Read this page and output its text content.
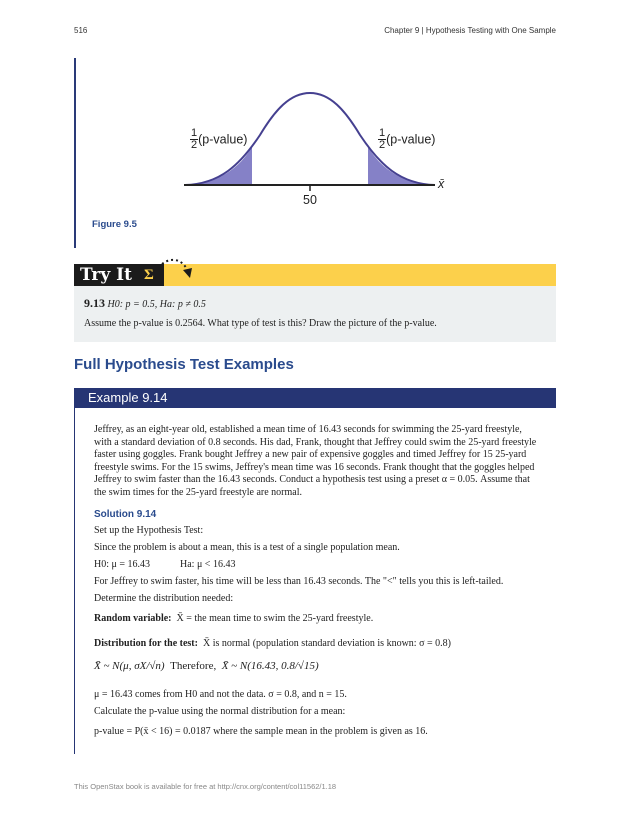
516	Chapter 9 | Hypothesis Testing with One Sample
$\frac{1}{2}$ (p-value)	$\frac{1}{2}$ (p-value)
x̄
50
Figure 9.5
Try It Σ
9.13 H0: p = 0.5, Ha: p ≠ 0.5
Assume the p-value is 0.2564. What type of test is this? Draw the picture of the p-value.
Full Hypothesis Test Examples
Example 9.14
Jeffrey, as an eight-year old, established a mean time of 16.43 seconds for swimming the 25-yard freestyle, with a standard deviation of 0.8 seconds. His dad, Frank, thought that Jeffrey could swim the 25-yard freestyle faster using goggles. Frank bought Jeffrey a new pair of expensive goggles and timed Jeffrey for 15 25-yard freestyle swims. For the 15 swims, Jeffrey's mean time was 16 seconds. Frank thought that the goggles helped Jeffrey to swim faster than the 16.43 seconds. Conduct a hypothesis test using a preset α = 0.05. Assume that the swim times for the 25-yard freestyle are normal.
Solution 9.14
Set up the Hypothesis Test:
Since the problem is about a mean, this is a test of a single population mean.
H0: μ = 16.43	Ha: μ < 16.43
For Jeffrey to swim faster, his time will be less than 16.43 seconds. The "<" tells you this is left-tailed.
Determine the distribution needed:
Random variable: X̄ = the mean time to swim the 25-yard freestyle.
Distribution for the test: X̄ is normal (population standard deviation is known: σ = 0.8)
X̄ ~ N(μ, σX/√n) Therefore, X̄ ~ N(16.43, 0.8/√15)
μ = 16.43 comes from H0 and not the data. σ = 0.8, and n = 15.
Calculate the p-value using the normal distribution for a mean:
p-value = P(x̄ < 16) = 0.0187 where the sample mean in the problem is given as 16.
This OpenStax book is available for free at http://cnx.org/content/col11562/1.18
